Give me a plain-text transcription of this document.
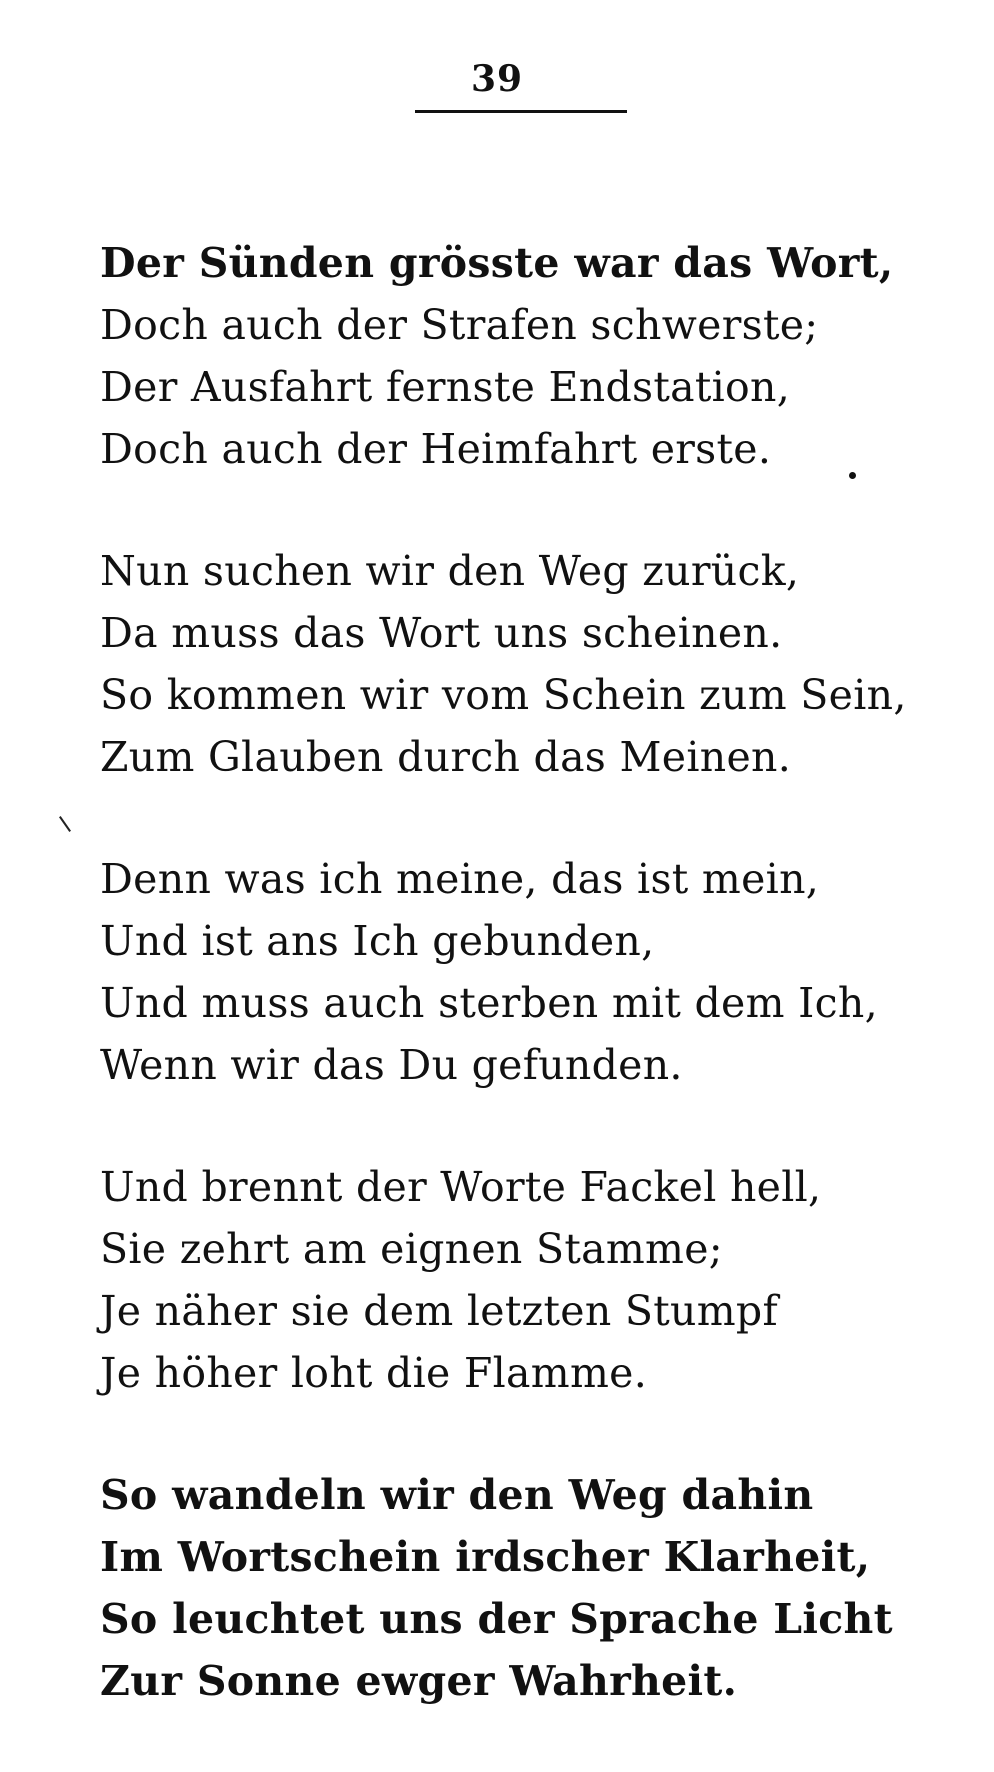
39
Der Sünden grösste war das Wort,
Doch auch der Strafen schwerste;
Der Ausfahrt fernste Endstation,
Doch auch der Heimfahrt erste.
Nun suchen wir den Weg zurück,
Da muss das Wort uns scheinen.
So kommen wir vom Schein zum Sein,
Zum Glauben durch das Meinen.
Denn was ich meine, das ist mein,
Und ist ans Ich gebunden,
Und muss auch sterben mit dem Ich,
Wenn wir das Du gefunden.
Und brennt der Worte Fackel hell,
Sie zehrt am eignen Stamme;
Je näher sie dem letzten Stumpf
Je höher loht die Flamme.
So wandeln wir den Weg dahin
Im Wortschein irdscher Klarheit,
So leuchtet uns der Sprache Licht
Zur Sonne ewger Wahrheit.
